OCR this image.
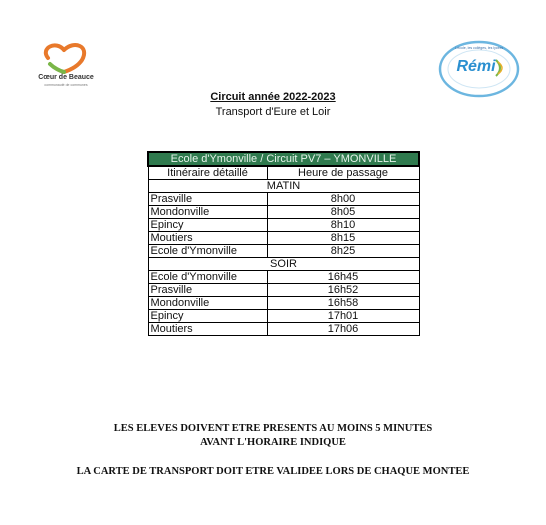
Cœur de Beauce
communauté de communes
Rémi
L'école, les collèges, les lycées
Circuit année 2022-2023
Transport d'Eure et Loir
Ecole d'Ymonville / Circuit PV7 – YMONVILLE	
Itinéraire détaillé	Heure de passage
MATIN	
Prasville	8h00
Mondonville	8h05
Epincy	8h10
Moutiers	8h15
Ecole d'Ymonville	8h25
SOIR	
Ecole d'Ymonville	16h45
Prasville	16h52
Mondonville	16h58
Epincy	17h01
Moutiers	17h06
LES ELEVES DOIVENT ETRE PRESENTS AU MOINS 5 MINUTES
AVANT L'HORAIRE INDIQUE
LA CARTE DE TRANSPORT DOIT ETRE VALIDEE LORS DE CHAQUE MONTEE
